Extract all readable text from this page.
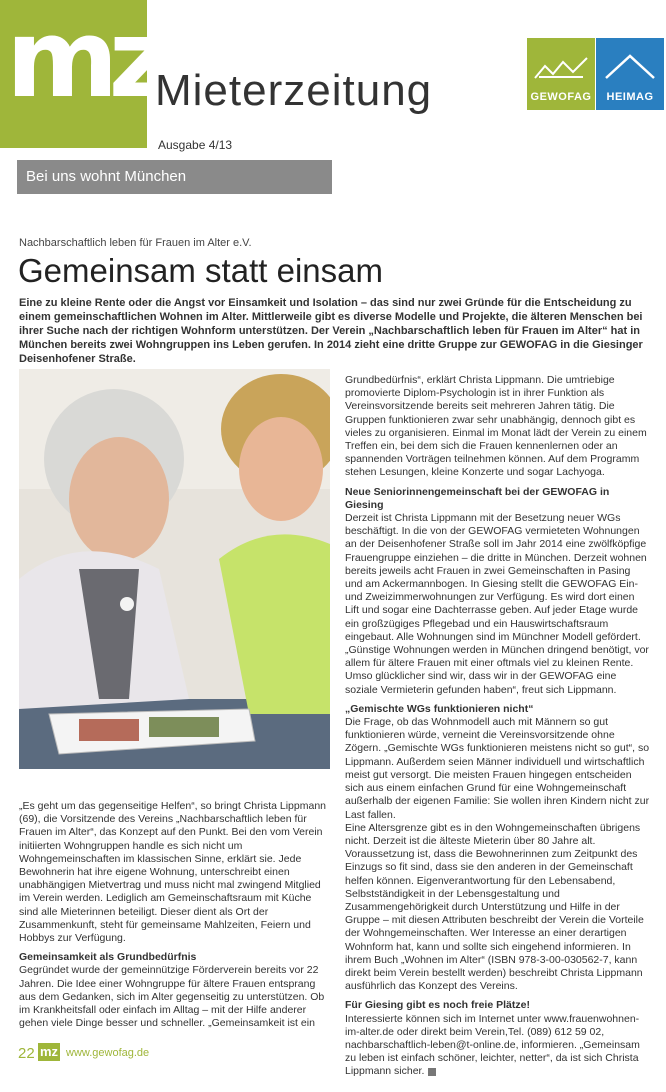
mz
Mieterzeitung
Ausgabe 4/13
GEWOFAG	HEIMAG
Bei uns wohnt München
Nachbarschaftlich leben für Frauen im Alter e.V.
Gemeinsam statt einsam

Eine zu kleine Rente oder die Angst vor Einsamkeit und Isolation – das sind nur zwei Gründe für die Entscheidung zu einem gemeinschaftlichen Wohnen im Alter. Mittlerweile gibt es diverse Modelle und Projekte, die älteren Menschen bei ihrer Suche nach der richtigen Wohnform unterstützen. Der Verein „Nachbarschaftlich leben für Frauen im Alter“ hat in München bereits zwei Wohngruppen ins Leben gerufen. In 2014 zieht eine dritte Gruppe zur GEWOFAG in die Giesinger Deisenhofener Straße.

Grundbedürfnis“, erklärt Christa Lippmann. Die umtriebige promovierte Diplom-Psychologin ist in ihrer Funktion als Vereinsvorsitzende bereits seit mehreren Jahren tätig. Die Gruppen funktionieren zwar sehr unabhängig, dennoch gibt es vieles zu organisieren. Einmal im Monat lädt der Verein zu einem Treffen ein, bei dem sich die Frauen kennenlernen oder an spannenden Vorträgen teilnehmen können. Auf dem Programm stehen Lesungen, kleine Konzerte und sogar Lachyoga.

Neue Seniorinnengemeinschaft bei der GEWOFAG in Giesing

Derzeit ist Christa Lippmann mit der Besetzung neuer WGs beschäftigt. In die von der GEWOFAG vermieteten Wohnungen an der Deisenhofener Straße soll im Jahr 2014 eine zwölfköpfige Frauengruppe einziehen – die dritte in München. Derzeit wohnen bereits jeweils acht Frauen in zwei Gemeinschaften in Pasing und am Ackermannbogen. In Giesing stellt die GEWOFAG Ein- und Zweizimmerwohnungen zur Verfügung. Es wird dort einen Lift und sogar eine Dachterrasse geben. Auf jeder Etage wurde ein großzügiges Pflegebad und ein Hauswirtschaftsraum eingebaut. Alle Wohnungen sind im Münchner Modell gefördert. „Günstige Wohnungen werden in München dringend benötigt, vor allem für ältere Frauen mit einer oftmals viel zu kleinen Rente. Umso glücklicher sind wir, dass wir in der GEWOFAG eine soziale Vermieterin gefunden haben“, freut sich Lippmann.

„Gemischte WGs funktionieren nicht“

Die Frage, ob das Wohnmodell auch mit Männern so gut funktionieren würde, verneint die Vereinsvorsitzende ohne Zögern. „Gemischte WGs funktionieren meistens nicht so gut“, so Lippmann. Außerdem seien Männer individuell und wirtschaftlich meist gut versorgt. Die meisten Frauen hingegen entscheiden sich aus einem einfachen Grund für eine Wohngemeinschaft außerhalb der eigenen Familie: Sie wollen ihren Kindern nicht zur Last fallen.

Eine Altersgrenze gibt es in den Wohngemeinschaften übrigens nicht. Derzeit ist die älteste Mieterin über 80 Jahre alt. Voraussetzung ist, dass die Bewohnerinnen zum Zeitpunkt des Einzugs so fit sind, dass sie den anderen in der Gemeinschaft helfen können. Eigenverantwortung für den Lebensabend, Selbstständigkeit in der Lebensgestaltung und Zusammengehörigkeit durch Unterstützung und Hilfe in der Gruppe – mit diesen Attributen beschreibt der Verein die Vorteile der Wohngemeinschaften. Wer Interesse an einer derartigen Wohnform hat, kann und sollte sich eingehend informieren. In ihrem Buch „Wohnen im Alter“ (ISBN 978-3-00-030562-7, kann direkt beim Verein bestellt werden) beschreibt Christa Lippmann ausführlich das Konzept des Vereins.

Für Giesing gibt es noch freie Plätze!

Interessierte können sich im Internet unter www.frauenwohnen-im-alter.de oder direkt beim Verein,Tel. (089) 612 59 02, nachbarschaftlich-leben@t-online.de, informieren. „Gemeinsam zu leben ist einfach schöner, leichter, netter“, da ist sich Christa Lippmann sicher.

„Es geht um das gegenseitige Helfen“, so bringt Christa Lippmann (69), die Vorsitzende des Vereins „Nachbarschaftlich leben für Frauen im Alter“, das Konzept auf den Punkt. Bei den vom Verein initiierten Wohngruppen handle es sich nicht um Wohngemeinschaften im klassischen Sinne, erklärt sie. Jede Bewohnerin hat ihre eigene Wohnung, unterschreibt einen unabhängigen Mietvertrag und muss nicht mal zwingend Mitglied im Verein werden. Lediglich am Gemeinschaftsraum mit Küche sind alle Mieterinnen beteiligt. Dieser dient als Ort der Zusammenkunft, steht für gemeinsame Mahlzeiten, Feiern und Hobbys zur Verfügung.

Gemeinsamkeit als Grundbedürfnis

Gegründet wurde der gemeinnützige Förderverein bereits vor 22 Jahren. Die Idee einer Wohngruppe für ältere Frauen entsprang aus dem Gedanken, sich im Alter gegenseitig zu unterstützen. Ob im Krankheitsfall oder einfach im Alltag – mit der Hilfe anderer gehen viele Dinge besser und schneller. „Gemeinsamkeit ist ein

22 mz www.gewofag.de
